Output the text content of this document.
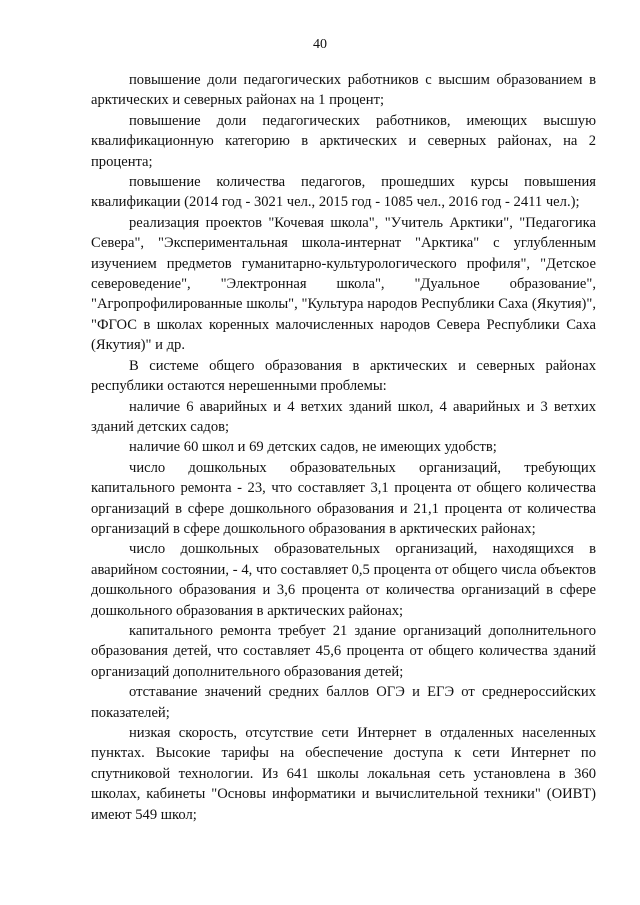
40

повышение доли педагогических работников с высшим образованием в арктических и северных районах на 1 процент;

повышение доли педагогических работников, имеющих высшую квалификационную категорию в арктических и северных районах, на 2 процента;

повышение количества педагогов, прошедших курсы повышения квалификации (2014 год - 3021 чел., 2015 год - 1085 чел., 2016 год - 2411 чел.);

реализация проектов "Кочевая школа", "Учитель Арктики", "Педагогика Севера", "Экспериментальная школа-интернат "Арктика" с углубленным изучением предметов гуманитарно-культурологического профиля", "Детское североведение", "Электронная школа", "Дуальное образование", "Агропрофилированные школы", "Культура народов Республики Саха (Якутия)", "ФГОС в школах коренных малочисленных народов Севера Республики Саха (Якутия)" и др.

В системе общего образования в арктических и северных районах республики остаются нерешенными проблемы:

наличие 6 аварийных и 4 ветхих зданий школ, 4 аварийных и 3 ветхих зданий детских садов;

наличие 60 школ и 69 детских садов, не имеющих удобств;

число дошкольных образовательных организаций, требующих капитального ремонта - 23, что составляет 3,1 процента от общего количества организаций в сфере дошкольного образования и 21,1 процента от количества организаций в сфере дошкольного образования в арктических районах;

число дошкольных образовательных организаций, находящихся в аварийном состоянии, - 4, что составляет 0,5 процента от общего числа объектов дошкольного образования и 3,6 процента от количества организаций в сфере дошкольного образования в арктических районах;

капитального ремонта требует 21 здание организаций дополнительного образования детей, что составляет 45,6 процента от общего количества зданий организаций дополнительного образования детей;

отставание значений средних баллов ОГЭ и ЕГЭ от среднероссийских показателей;

низкая скорость, отсутствие сети Интернет в отдаленных населенных пунктах. Высокие тарифы на обеспечение доступа к сети Интернет по спутниковой технологии. Из 641 школы локальная сеть установлена в 360 школах, кабинеты "Основы информатики и вычислительной техники" (ОИВТ) имеют 549 школ;
